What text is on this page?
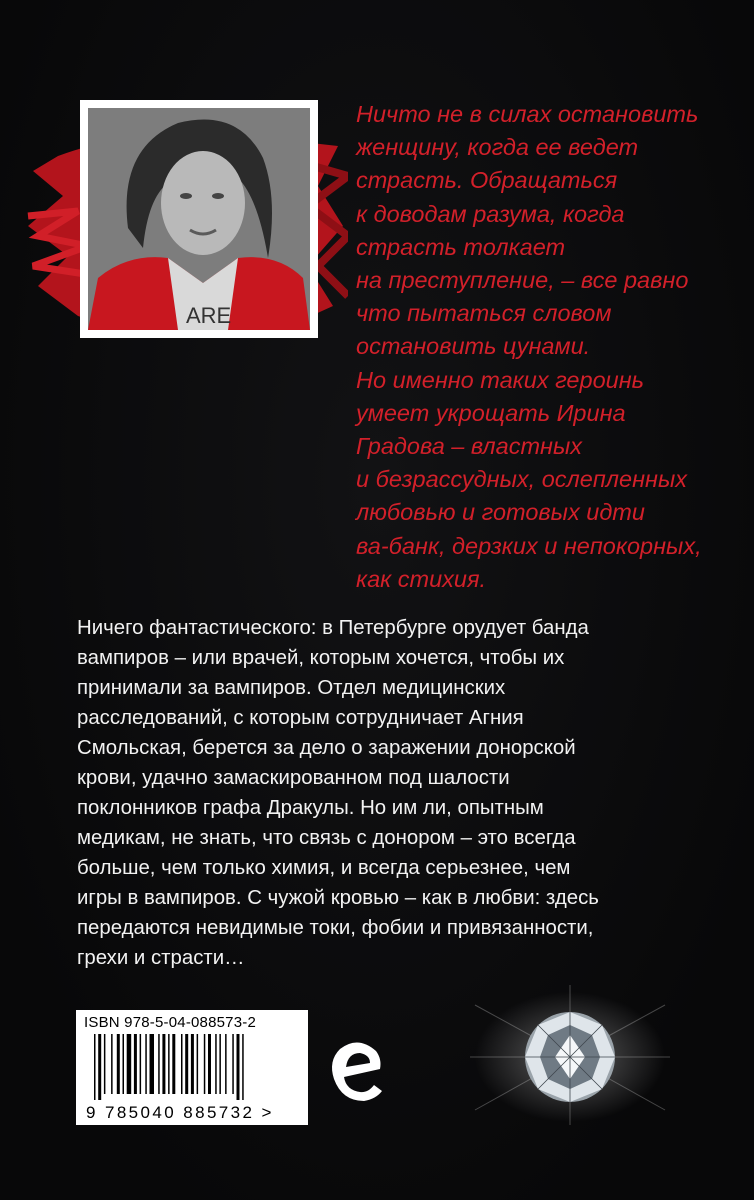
ARE
Ничто не в силах остановить
женщину, когда ее ведет
страсть. Обращаться
к доводам разума, когда
страсть толкает
на преступление, – все равно
что пытаться словом
остановить цунами.
Но именно таких героинь
умеет укрощать Ирина
Градова – властных
и безрассудных, ослепленных
любовью и готовых идти
ва-банк, дерзких и непокорных,
как стихия.
Ничего фантастического: в Петербурге орудует банда
вампиров – или врачей, которым хочется, чтобы их
принимали за вампиров. Отдел медицинских
расследований, с которым сотрудничает Агния
Смольская, берется за дело о заражении донорской
крови, удачно замаскированном под шалости
поклонников графа Дракулы. Но им ли, опытным
медикам, не знать, что связь с донором – это всегда
больше, чем только химия, и всегда серьезнее, чем
игры в вампиров. С чужой кровью – как в любви: здесь
передаются невидимые токи, фобии и привязанности,
грехи и страсти…
ISBN 978-5-04-088573-2
9 785040 885732 >
